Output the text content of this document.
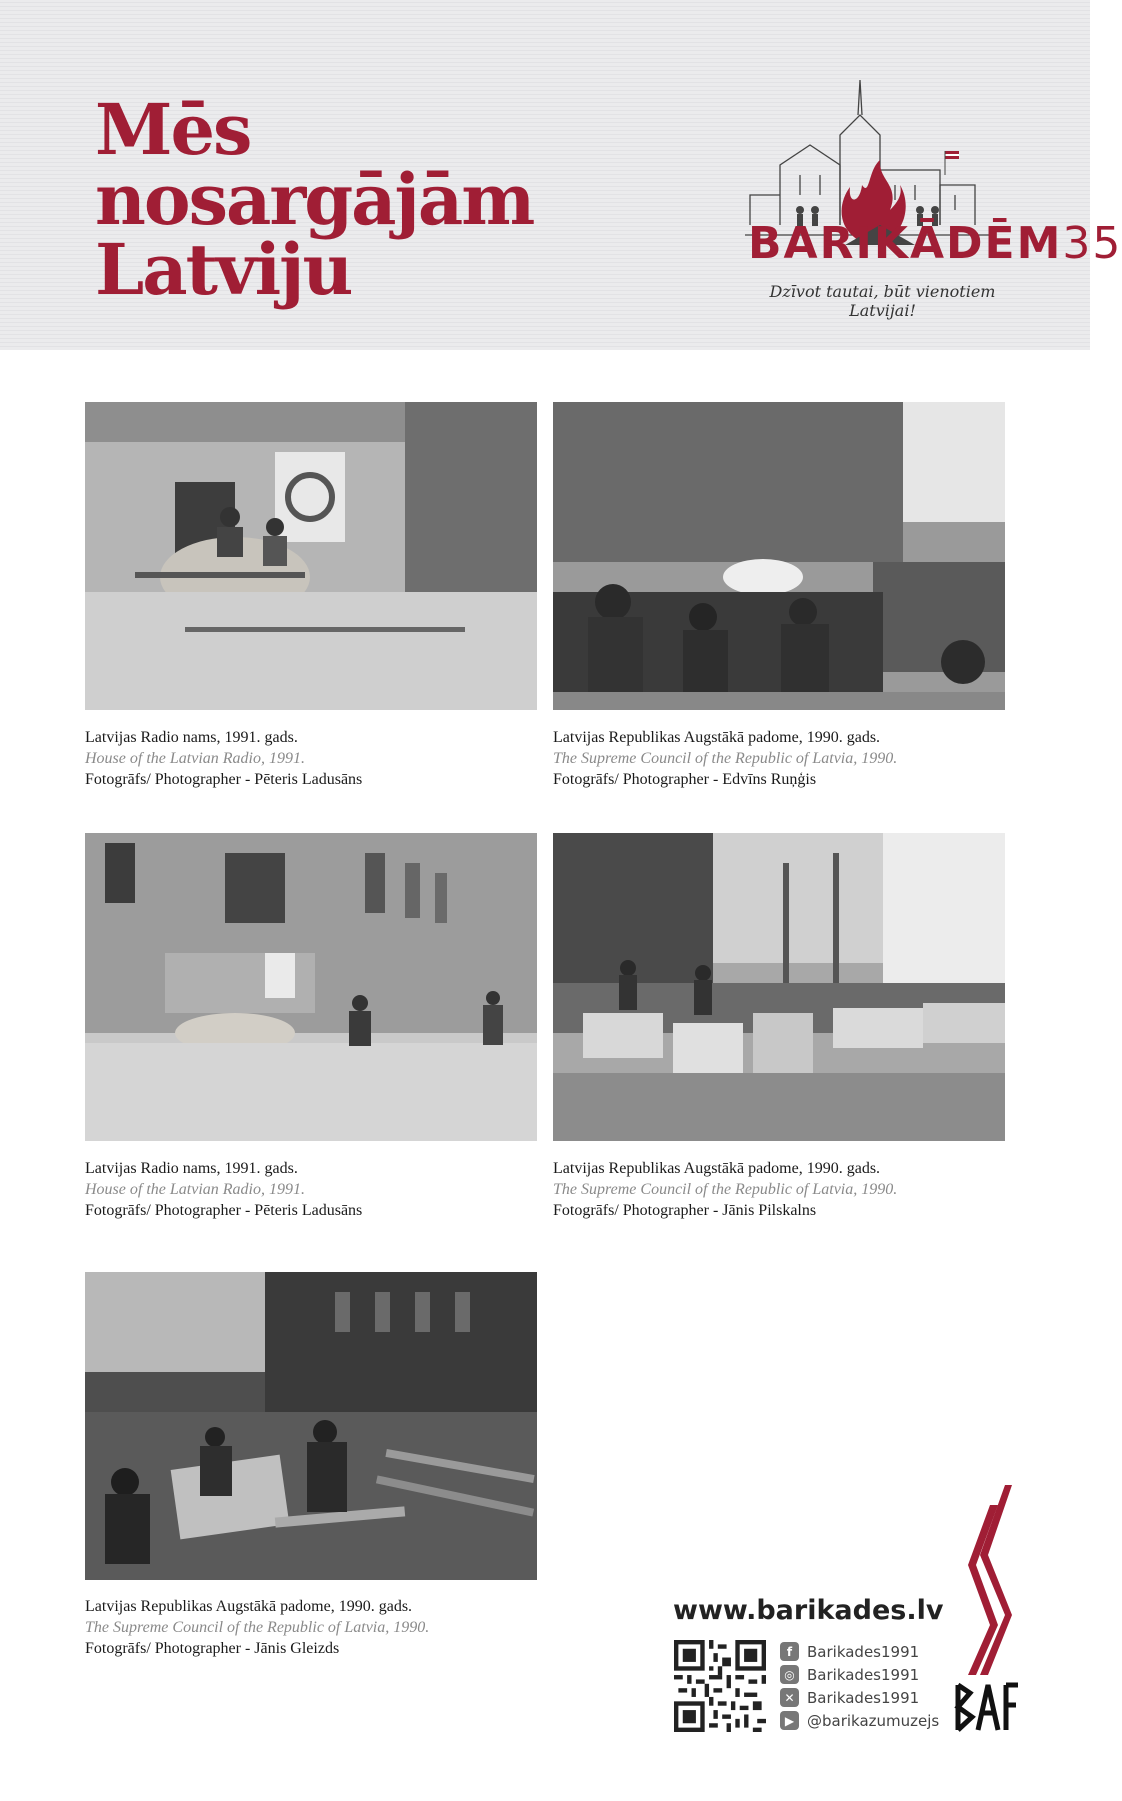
Mēs
nosargājām
Latviju	BARIKĀDĒM35
Dzīvot tautai, būt vienotiem Latvijai!
Latvijas Radio nams, 1991. gads.
House of the Latvian Radio, 1991.
Fotogrāfs/ Photographer - Pēteris Ladusāns
Latvijas Republikas Augstākā padome, 1990. gads.
The Supreme Council of the Republic of Latvia, 1990.
Fotogrāfs/ Photographer - Edvīns Ruņģis
Latvijas Radio nams, 1991. gads.
House of the Latvian Radio, 1991.
Fotogrāfs/ Photographer - Pēteris Ladusāns
Latvijas Republikas Augstākā padome, 1990. gads.
The Supreme Council of the Republic of Latvia, 1990.
Fotogrāfs/ Photographer - Jānis Pilskalns
Latvijas Republikas Augstākā padome, 1990. gads.
The Supreme Council of the Republic of Latvia, 1990.
Fotogrāfs/ Photographer - Jānis Gleizds
www.barikades.lv
f Barikades1991
◎ Barikades1991
✕ Barikades1991
▶ @barikazumuzejs
